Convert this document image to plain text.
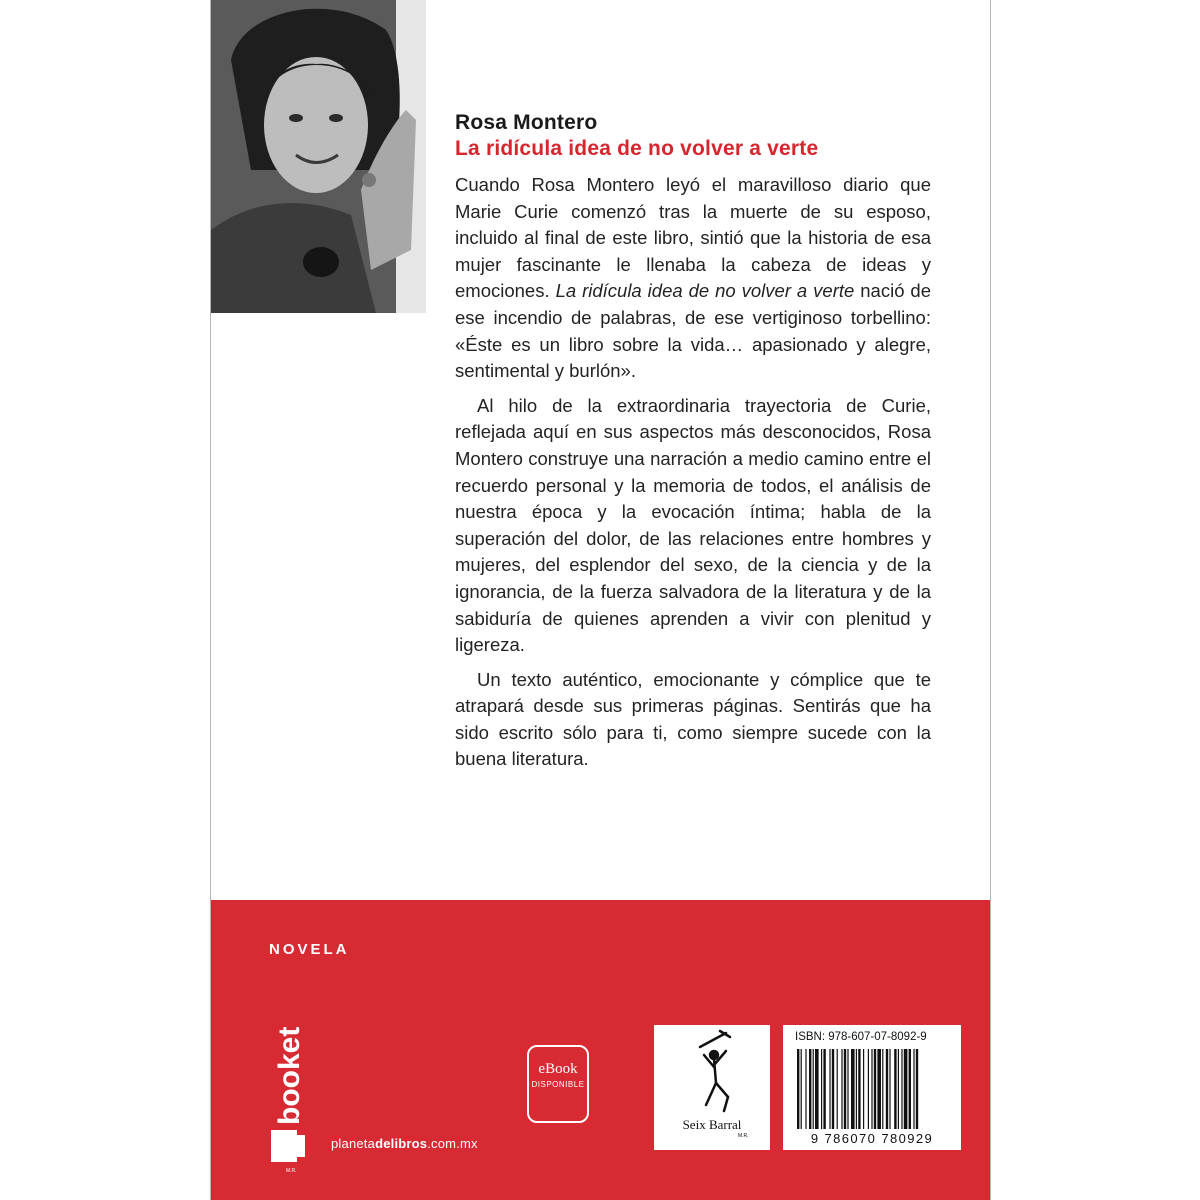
Rosa Montero

La ridícula idea de no volver a verte

Cuando Rosa Montero leyó el maravilloso diario que Marie Curie comenzó tras la muerte de su esposo, incluido al final de este libro, sintió que la historia de esa mujer fascinante le llenaba la cabeza de ideas y emociones. La ridícula idea de no volver a verte nació de ese incendio de palabras, de ese vertiginoso torbellino: «Éste es un libro sobre la vida… apasionado y alegre, sentimental y burlón».

Al hilo de la extraordinaria trayectoria de Curie, reflejada aquí en sus aspectos más desconocidos, Rosa Montero construye una narración a medio camino entre el recuerdo personal y la memoria de todos, el análisis de nuestra época y la evocación íntima; habla de la superación del dolor, de las relaciones entre hombres y mujeres, del esplendor del sexo, de la ciencia y de la ignorancia, de la fuerza salvadora de la literatura y de la sabiduría de quienes aprenden a vivir con plenitud y ligereza.

Un texto auténtico, emocionante y cómplice que te atrapará desde sus primeras páginas. Sentirás que ha sido escrito sólo para ti, como siempre sucede con la buena literatura.

NOVELA
booket
M.R.
planetadelibros.com.mx
eBook
DISPONIBLE
Seix Barral
M.R.
ISBN: 978-607-07-8092-9
9 786070 780929
